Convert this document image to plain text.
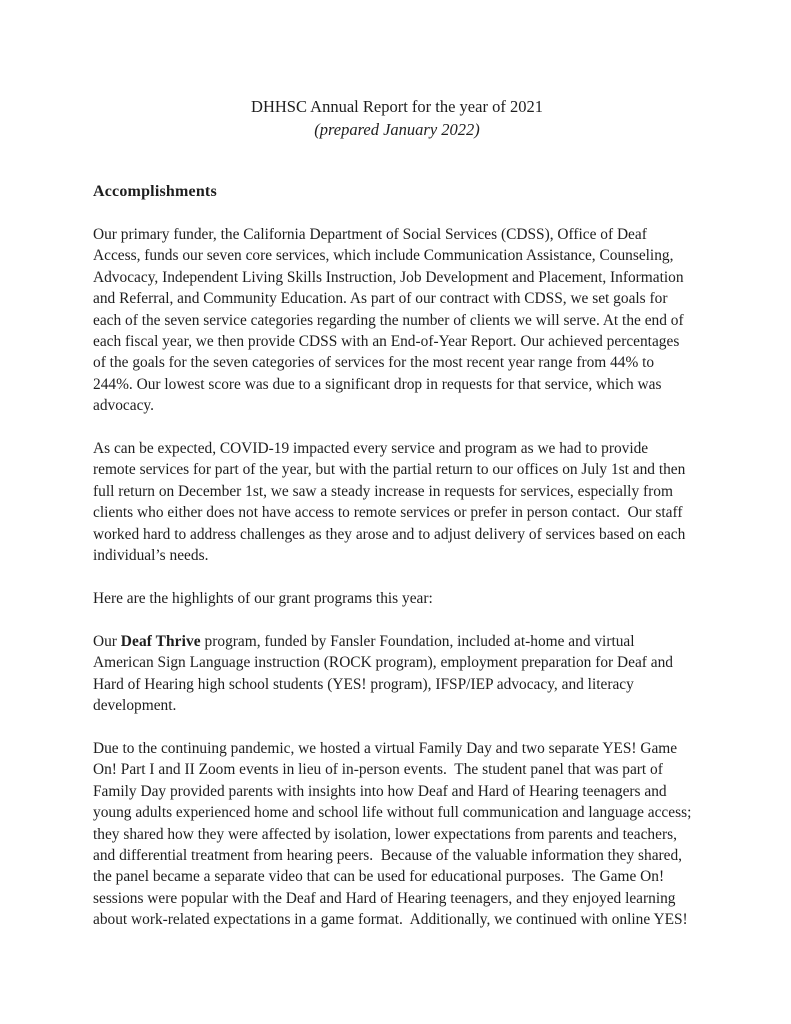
DHHSC Annual Report for the year of 2021
(prepared January 2022)
Accomplishments
Our primary funder, the California Department of Social Services (CDSS), Office of Deaf
Access, funds our seven core services, which include Communication Assistance, Counseling,
Advocacy, Independent Living Skills Instruction, Job Development and Placement, Information
and Referral, and Community Education. As part of our contract with CDSS, we set goals for
each of the seven service categories regarding the number of clients we will serve. At the end of
each fiscal year, we then provide CDSS with an End-of-Year Report. Our achieved percentages
of the goals for the seven categories of services for the most recent year range from 44% to
244%. Our lowest score was due to a significant drop in requests for that service, which was
advocacy.
As can be expected, COVID-19 impacted every service and program as we had to provide
remote services for part of the year, but with the partial return to our offices on July 1st and then
full return on December 1st, we saw a steady increase in requests for services, especially from
clients who either does not have access to remote services or prefer in person contact.  Our staff
worked hard to address challenges as they arose and to adjust delivery of services based on each
individual’s needs.
Here are the highlights of our grant programs this year:
Our Deaf Thrive program, funded by Fansler Foundation, included at-home and virtual
American Sign Language instruction (ROCK program), employment preparation for Deaf and
Hard of Hearing high school students (YES! program), IFSP/IEP advocacy, and literacy
development.
Due to the continuing pandemic, we hosted a virtual Family Day and two separate YES! Game
On! Part I and II Zoom events in lieu of in-person events.  The student panel that was part of
Family Day provided parents with insights into how Deaf and Hard of Hearing teenagers and
young adults experienced home and school life without full communication and language access;
they shared how they were affected by isolation, lower expectations from parents and teachers,
and differential treatment from hearing peers.  Because of the valuable information they shared,
the panel became a separate video that can be used for educational purposes.  The Game On!
sessions were popular with the Deaf and Hard of Hearing teenagers, and they enjoyed learning
about work-related expectations in a game format.  Additionally, we continued with online YES!
